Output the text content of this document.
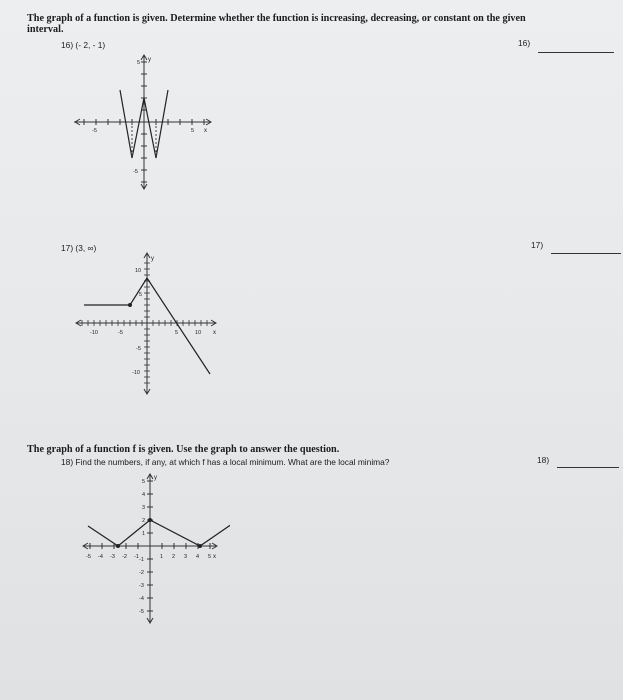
The graph of a function is given. Determine whether the function is increasing, decreasing, or constant on the given
interval.
16) (- 2, - 1)	16)
y
x
-5	5
5
-5
17) (3, ∞)	17)
y
x
-10	-5	5	10
10
5
-5
-10
The graph of a function f is given. Use the graph to answer the question.
18) Find the numbers, if any, at which f has a local minimum. What are the local minima?	18)
y
x
-5 -4 -3 -2 -1	1 2 3 4 5
5
4
3
2
1
-1
-2
-3
-4
-5
